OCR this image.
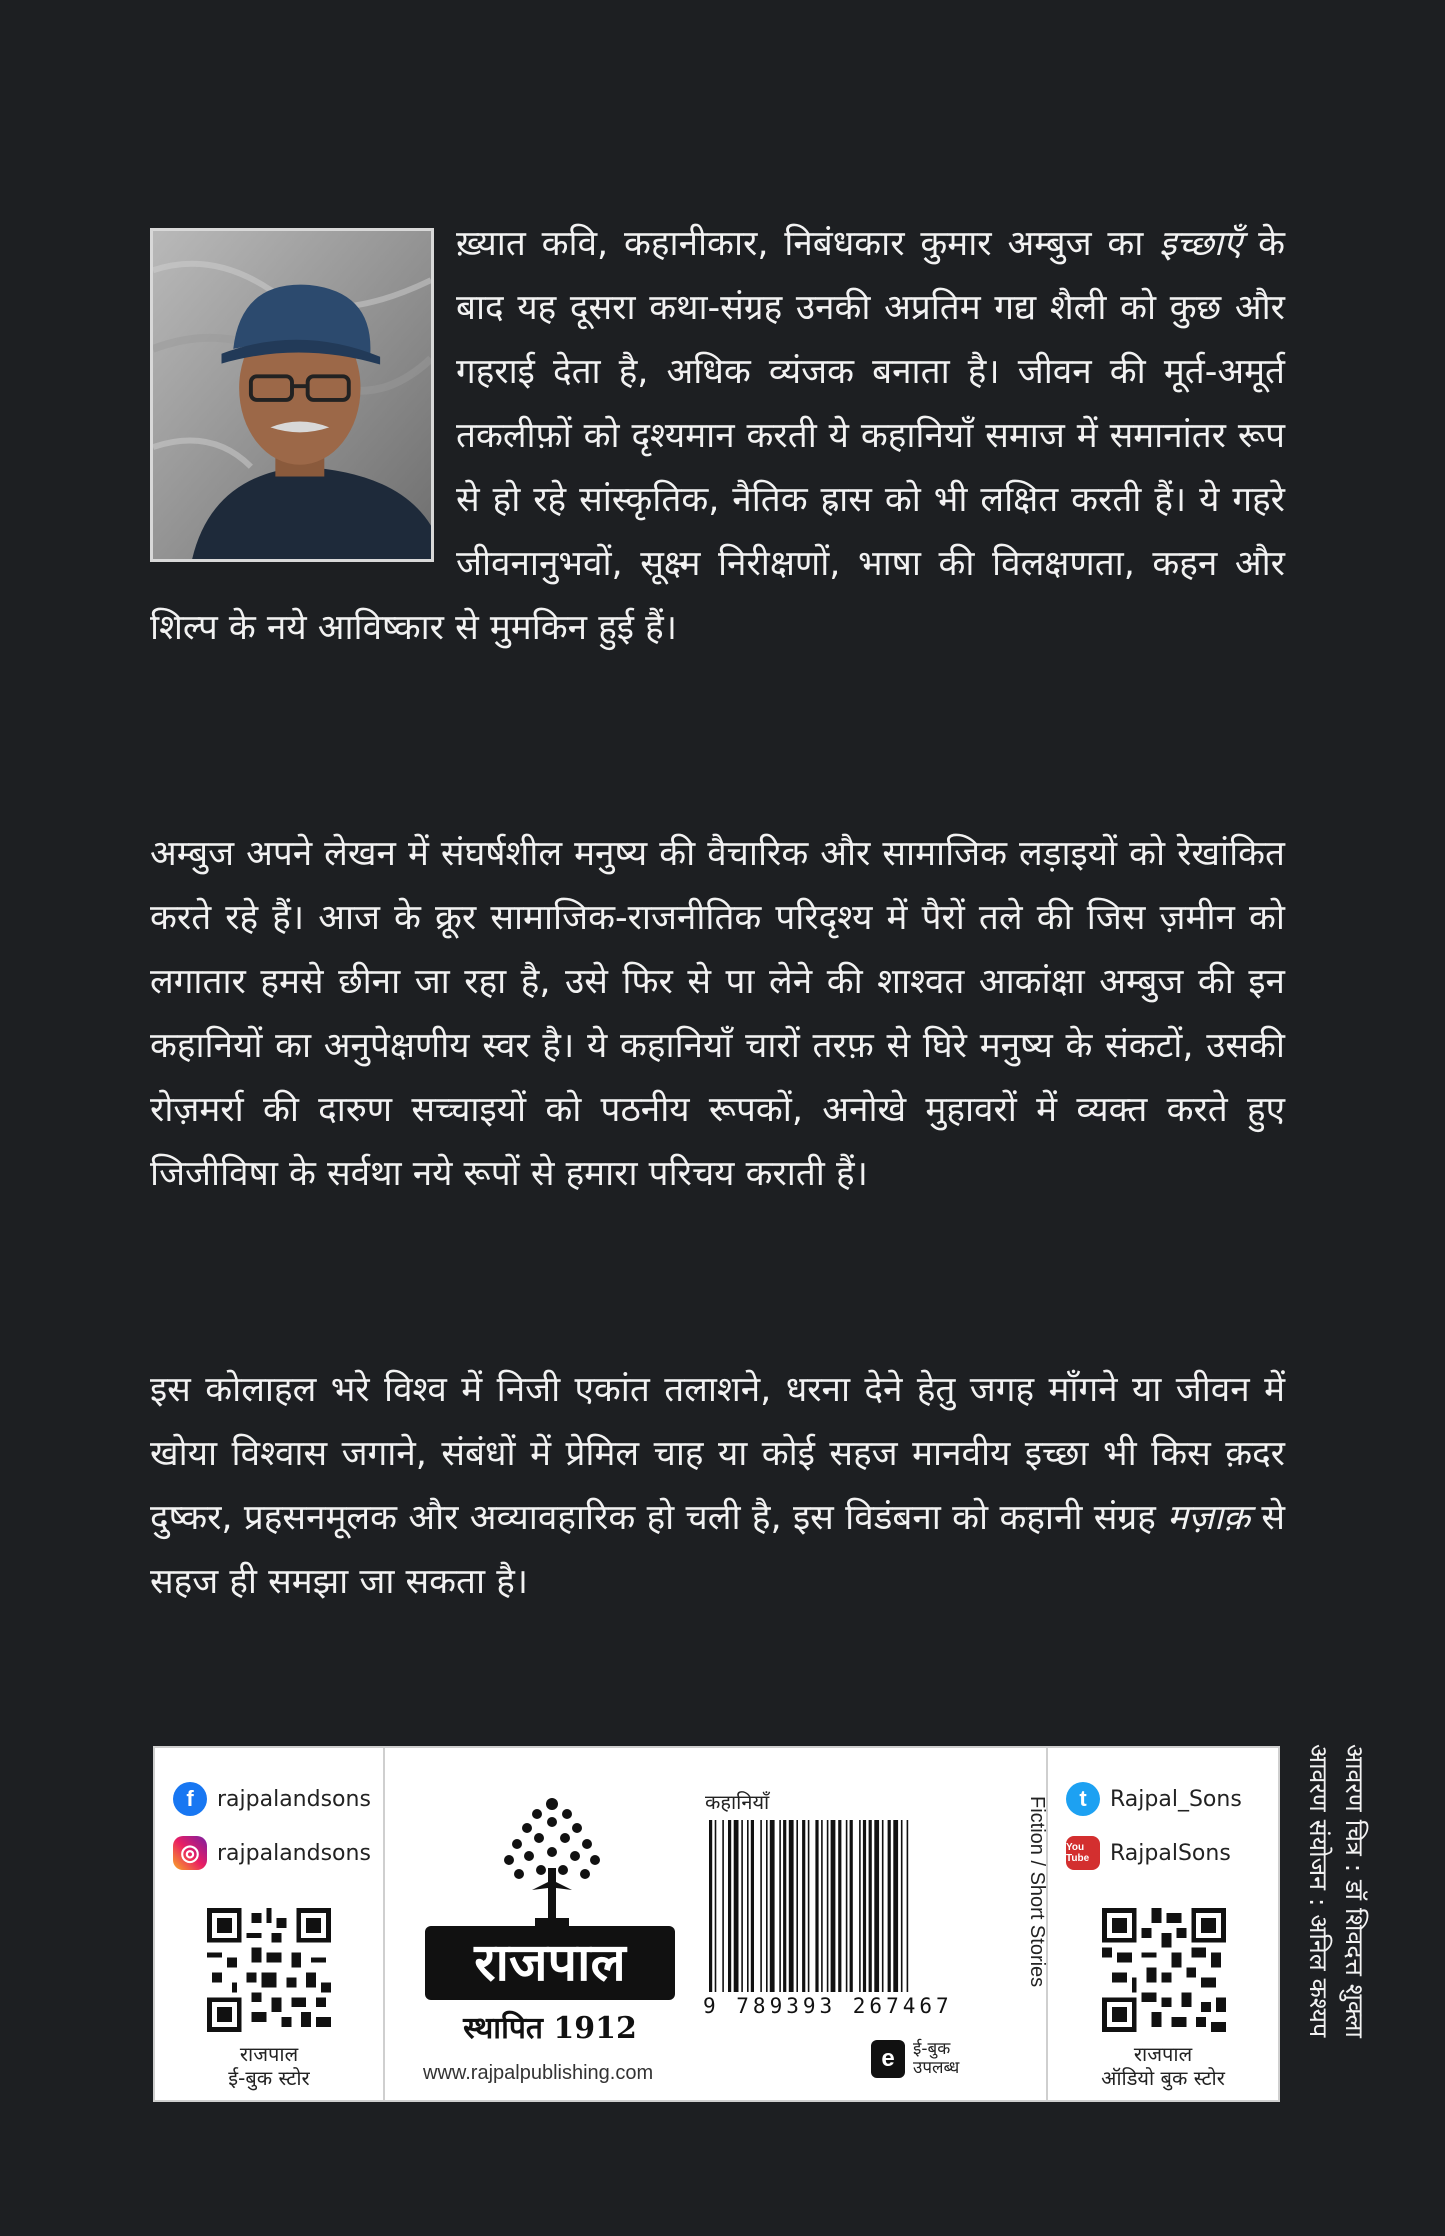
ख़्यात कवि, कहानीकार, निबंधकार कुमार अम्बुज का इच्छाएँ के बाद यह दूसरा कथा-संग्रह उनकी अप्रतिम गद्य शैली को कुछ और गहराई देता है, अधिक व्यंजक बनाता है। जीवन की मूर्त-अमूर्त तकलीफ़ों को दृश्यमान करती ये कहानियाँ समाज में समानांतर रूप से हो रहे सांस्कृतिक, नैतिक ह्रास को भी लक्षित करती हैं। ये गहरे जीवनानुभवों, सूक्ष्म निरीक्षणों, भाषा की विलक्षणता, कहन और शिल्प के नये आविष्कार से मुमकिन हुई हैं।
अम्बुज अपने लेखन में संघर्षशील मनुष्य की वैचारिक और सामाजिक लड़ाइयों को रेखांकित करते रहे हैं। आज के क्रूर सामाजिक-राजनीतिक परिदृश्य में पैरों तले की जिस ज़मीन को लगातार हमसे छीना जा रहा है, उसे फिर से पा लेने की शाश्वत आकांक्षा अम्बुज की इन कहानियों का अनुपेक्षणीय स्वर है। ये कहानियाँ चारों तरफ़ से घिरे मनुष्य के संकटों, उसकी रोज़मर्रा की दारुण सच्चाइयों को पठनीय रूपकों, अनोखे मुहावरों में व्यक्त करते हुए जिजीविषा के सर्वथा नये रूपों से हमारा परिचय कराती हैं।
इस कोलाहल भरे विश्व में निजी एकांत तलाशने, धरना देने हेतु जगह माँगने या जीवन में खोया विश्वास जगाने, संबंधों में प्रेमिल चाह या कोई सहज मानवीय इच्छा भी किस क़दर दुष्कर, प्रहसनमूलक और अव्यावहारिक हो चली है, इस विडंबना को कहानी संग्रह मज़ाक़ से सहज ही समझा जा सकता है।
f	rajpalandsons
◎ rajpalandsons
राजपाल
ई-बुक स्टोर
राजपाल
स्थापित 1912
www.rajpalpublishing.com
कहानियाँ
9 789393 267467
e	ई-बुक
उपलब्ध
Fiction / Short Stories	t	Rajpal_Sons
You Tube RajpalSons
राजपाल
ऑडियो बुक स्टोर
आवरण चित्र : डॉ शिवदत्त शुक्ला
आवरण संयोजन : अनिल कश्यप
